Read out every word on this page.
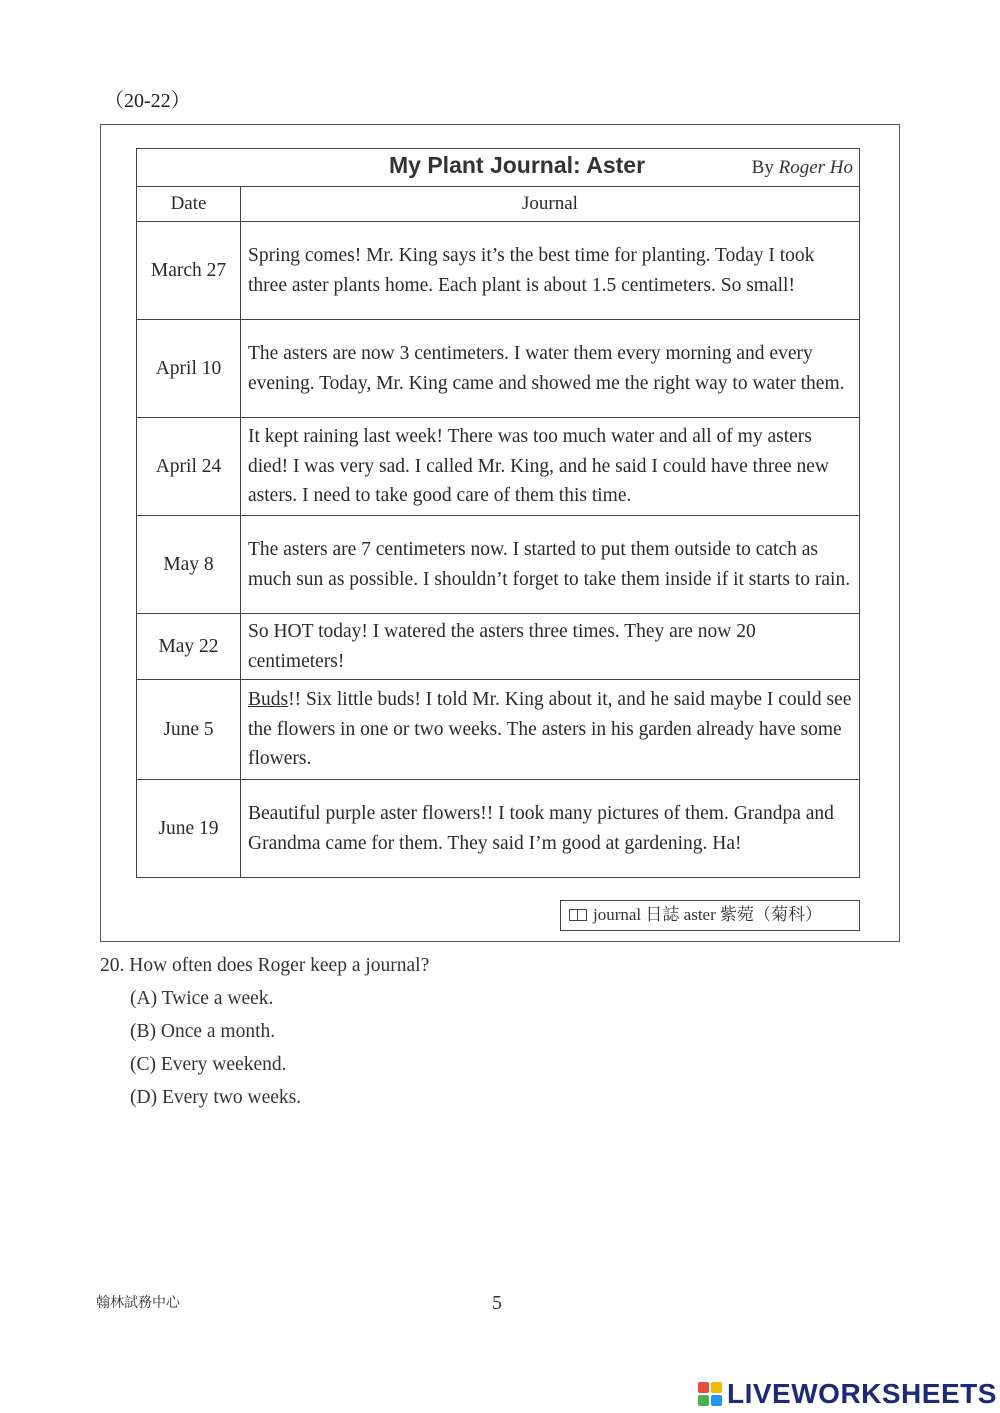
（20-22）
My Plant Journal: Aster	By Roger Ho
Date	Journal
March 27	Spring comes! Mr. King says it’s the best time for planting. Today I took three aster plants home. Each plant is about 1.5 centimeters. So small!
April 10	The asters are now 3 centimeters. I water them every morning and every evening. Today, Mr. King came and showed me the right way to water them.
April 24	It kept raining last week! There was too much water and all of my asters died! I was very sad. I called Mr. King, and he said I could have three new asters. I need to take good care of them this time.
May 8	The asters are 7 centimeters now. I started to put them outside to catch as much sun as possible. I shouldn’t forget to take them inside if it starts to rain.
May 22	So HOT today! I watered the asters three times. They are now 20 centimeters!
June 5	Buds!! Six little buds! I told Mr. King about it, and he said maybe I could see the flowers in one or two weeks. The asters in his garden already have some flowers.
June 19	Beautiful purple aster flowers!! I took many pictures of them. Grandpa and Grandma came for them. They said I’m good at gardening. Ha!
journal 日誌 aster 紫菀（菊科）
20. How often does Roger keep a journal?
(A) Twice a week.
(B) Once a month.
(C) Every weekend.
(D) Every two weeks.
翰林試務中心	5
LIVEWORKSHEETS
